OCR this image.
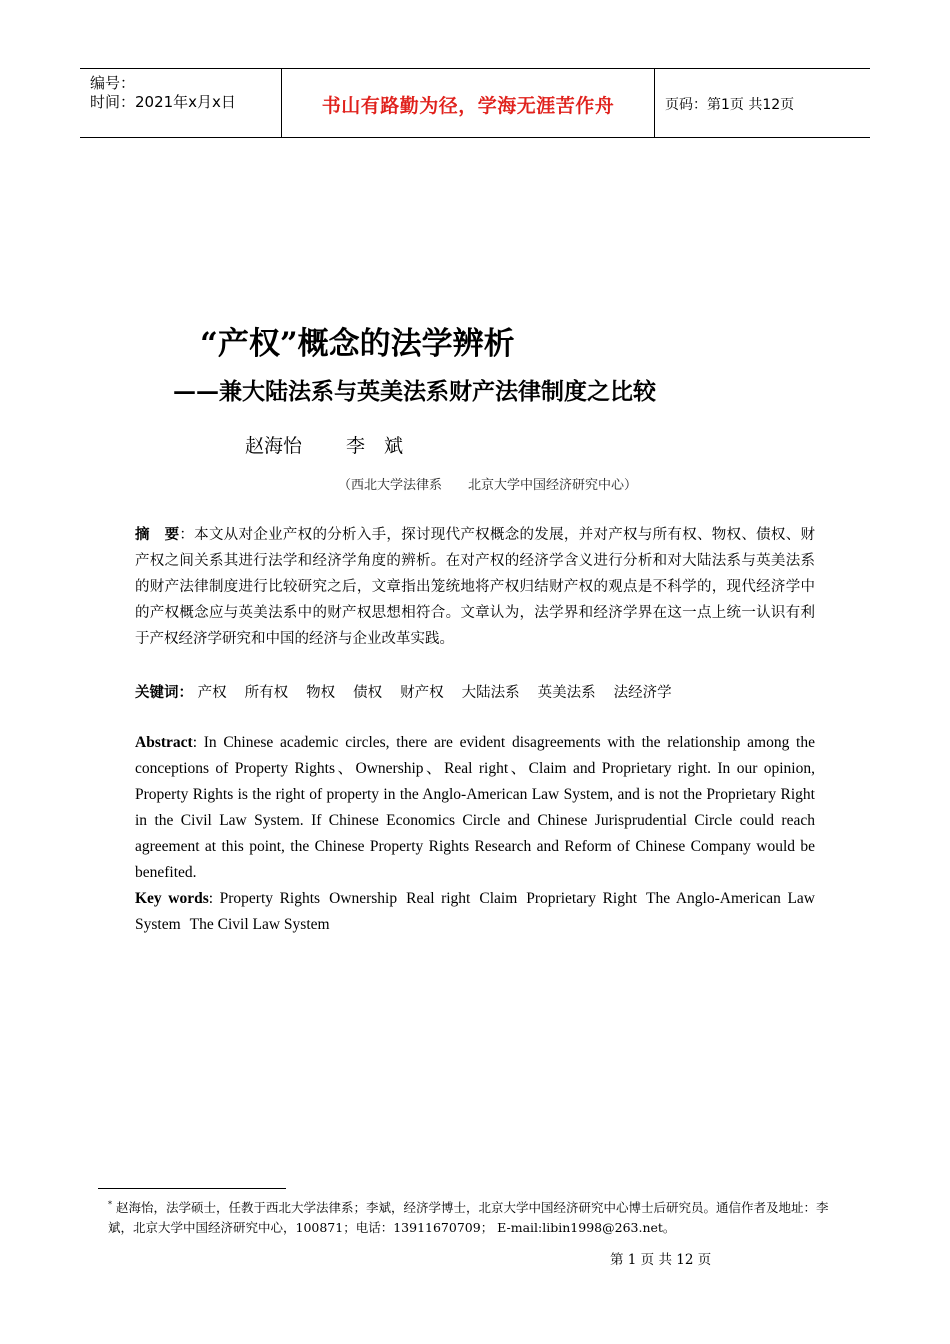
编号：
时间：2021年x月x日	书山有路勤为径，学海无涯苦作舟	页码：第1页 共12页
“产权”概念的法学辨析
——兼大陆法系与英美法系财产法律制度之比较
赵海怡 李　斌
（西北大学法律系 北京大学中国经济研究中心）
摘　要：本文从对企业产权的分析入手，探讨现代产权概念的发展，并对产权与所有权、物权、债权、财产权之间关系其进行法学和经济学角度的辨析。在对产权的经济学含义进行分析和对大陆法系与英美法系的财产法律制度进行比较研究之后，文章指出笼统地将产权归结财产权的观点是不科学的，现代经济学中的产权概念应与英美法系中的财产权思想相符合。文章认为，法学界和经济学界在这一点上统一认识有利于产权经济学研究和中国的经济与企业改革实践。
关键词： 产权 所有权 物权 债权 财产权 大陆法系 英美法系 法经济学
Abstract: In Chinese academic circles, there are evident disagreements with the relationship among the conceptions of Property Rights、Ownership、Real right、Claim and Proprietary right. In our opinion, Property Rights is the right of property in the Anglo-American Law System, and is not the Proprietary Right in the Civil Law System. If Chinese Economics Circle and Chinese Jurisprudential Circle could reach agreement at this point, the Chinese Property Rights Research and Reform of Chinese Company would be benefited.
Key words: Property Rights Ownership Real right Claim Proprietary Right The Anglo-American Law System The Civil Law System
* 赵海怡，法学硕士，任教于西北大学法律系；李斌，经济学博士，北京大学中国经济研究中心博士后研究员。通信作者及地址：李斌，北京大学中国经济研究中心，100871；电话：13911670709； E-mail:libin1998@263.net。
第 1 页 共 12 页
